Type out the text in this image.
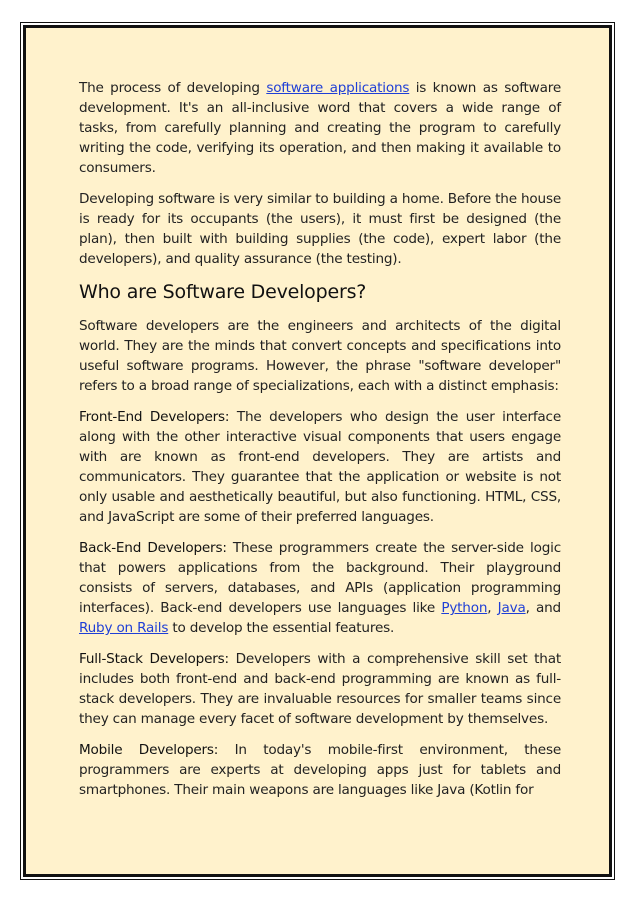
The process of developing software applications is known as software development. It's an all-inclusive word that covers a wide range of tasks, from carefully planning and creating the program to carefully writing the code, verifying its operation, and then making it available to consumers.

Developing software is very similar to building a home. Before the house is ready for its occupants (the users), it must first be designed (the plan), then built with building supplies (the code), expert labor (the developers), and quality assurance (the testing).

Who are Software Developers?

Software developers are the engineers and architects of the digital world. They are the minds that convert concepts and specifications into useful software programs. However, the phrase "software developer" refers to a broad range of specializations, each with a distinct emphasis:

Front-End Developers: The developers who design the user interface along with the other interactive visual components that users engage with are known as front-end developers. They are artists and communicators. They guarantee that the application or website is not only usable and aesthetically beautiful, but also functioning. HTML, CSS, and JavaScript are some of their preferred languages.

Back-End Developers: These programmers create the server-side logic that powers applications from the background. Their playground consists of servers, databases, and APIs (application programming interfaces). Back-end developers use languages like Python, Java, and Ruby on Rails to develop the essential features.

Full-Stack Developers: Developers with a comprehensive skill set that includes both front-end and back-end programming are known as full-stack developers. They are invaluable resources for smaller teams since they can manage every facet of software development by themselves.

Mobile Developers: In today's mobile-first environment, these programmers are experts at developing apps just for tablets and smartphones. Their main weapons are languages like Java (Kotlin for
